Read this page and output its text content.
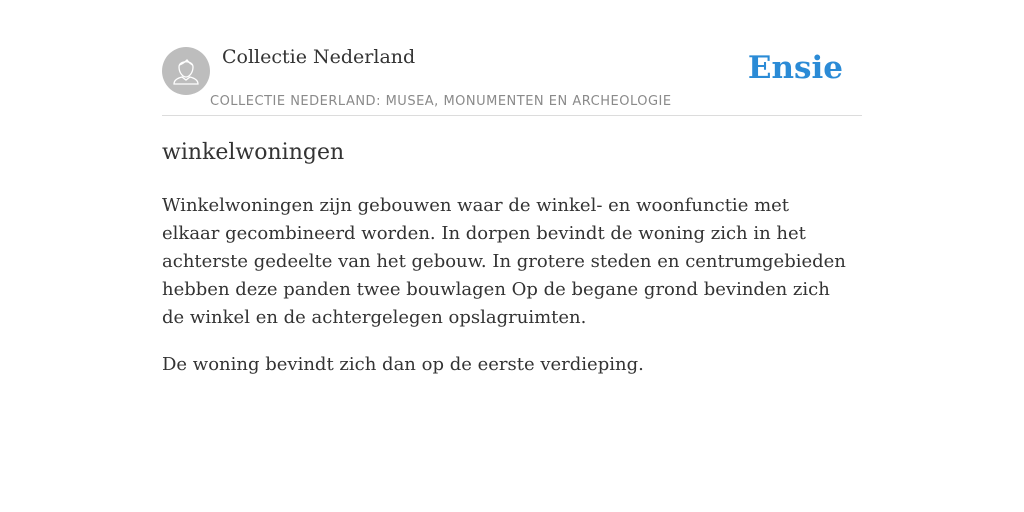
Collectie Nederland
COLLECTIE NEDERLAND: MUSEA, MONUMENTEN EN ARCHEOLOGIE
Ensie
winkelwoningen

Winkelwoningen zijn gebouwen waar de winkel- en woonfunctie met elkaar gecombineerd worden. In dorpen bevindt de woning zich in het achterste gedeelte van het gebouw. In grotere steden en centrumgebieden hebben deze panden twee bouwlagen Op de begane grond bevinden zich de winkel en de achtergelegen opslagruimten.

De woning bevindt zich dan op de eerste verdieping.
